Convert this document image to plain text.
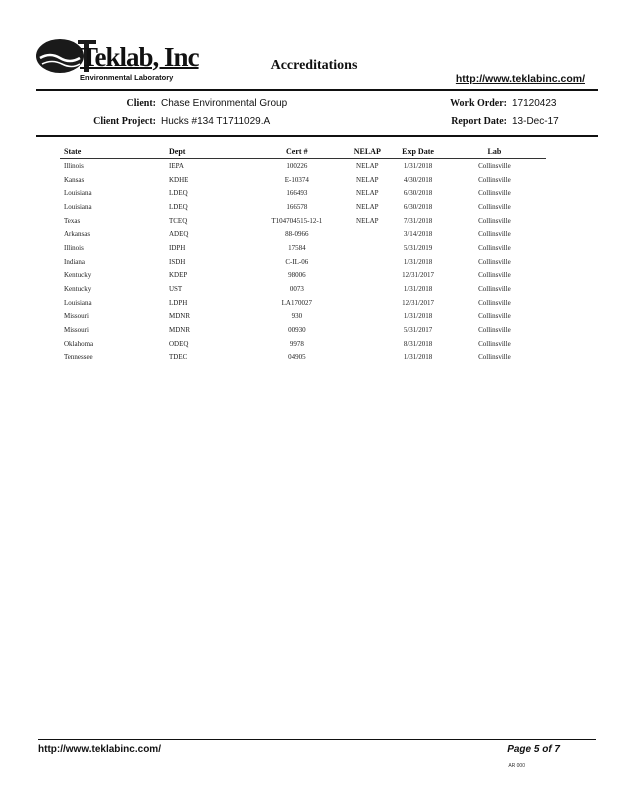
Teklab, Inc
Environmental Laboratory
Accreditations
http://www.teklabinc.com/
Client: Chase Environmental Group
Client Project: Hucks #134 T1711029.A
Work Order: 17120423
Report Date: 13-Dec-17
State	Dept	Cert #	NELAP	Exp Date	Lab
Illinois	IEPA	100226	NELAP	1/31/2018	Collinsville
Kansas	KDHE	E-10374	NELAP	4/30/2018	Collinsville
Louisiana	LDEQ	166493	NELAP	6/30/2018	Collinsville
Louisiana	LDEQ	166578	NELAP	6/30/2018	Collinsville
Texas	TCEQ	T104704515-12-1	NELAP	7/31/2018	Collinsville
Arkansas	ADEQ	88-0966		3/14/2018	Collinsville
Illinois	IDPH	17584		5/31/2019	Collinsville
Indiana	ISDH	C-IL-06		1/31/2018	Collinsville
Kentucky	KDEP	98006		12/31/2017	Collinsville
Kentucky	UST	0073		1/31/2018	Collinsville
Louisiana	LDPH	LA170027		12/31/2017	Collinsville
Missouri	MDNR	930		1/31/2018	Collinsville
Missouri	MDNR	00930		5/31/2017	Collinsville
Oklahoma	ODEQ	9978		8/31/2018	Collinsville
Tennessee	TDEC	04905		1/31/2018	Collinsville
http://www.teklabinc.com/	Page 5 of 7
AR 000
